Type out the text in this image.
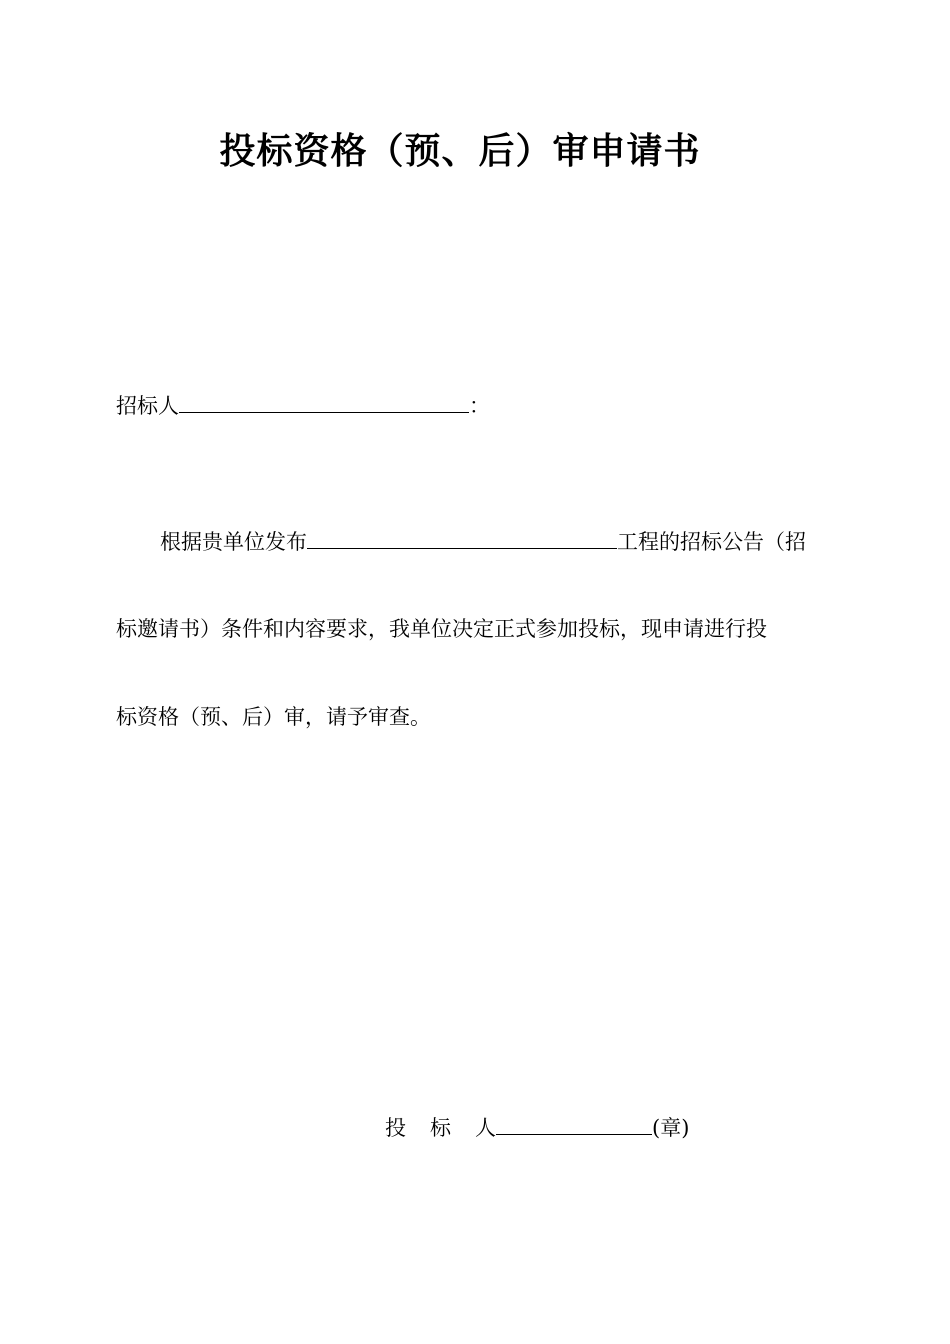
投标资格（预、后）审申请书
招标人	：
根据贵单位发布	工程的招标公告（招
标邀请书）条件和内容要求，我单位决定正式参加投标，现申请进行投
标资格（预、后）审，请予审查。
投标人	(章)
